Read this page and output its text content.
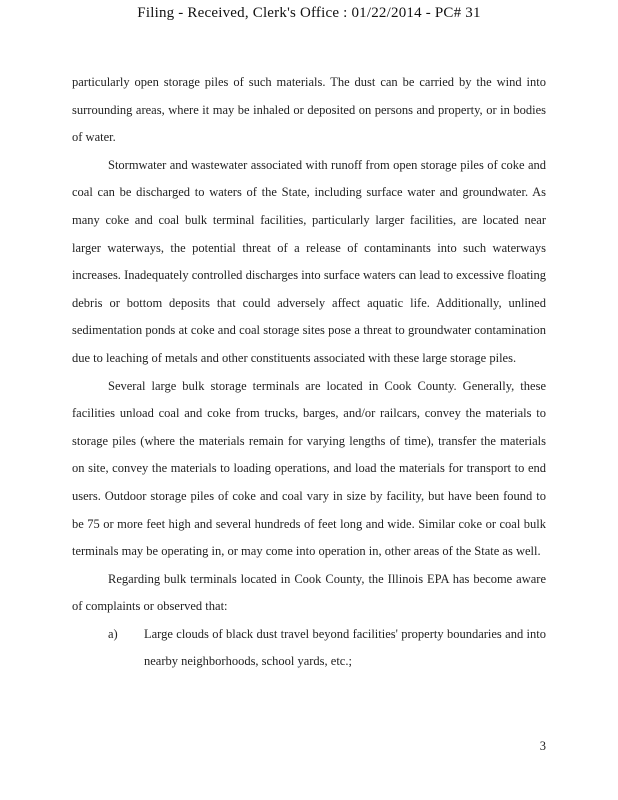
Filing - Received, Clerk's Office : 01/22/2014 - PC# 31

particularly open storage piles of such materials. The dust can be carried by the wind into surrounding areas, where it may be inhaled or deposited on persons and property, or in bodies of water.

Stormwater and wastewater associated with runoff from open storage piles of coke and coal can be discharged to waters of the State, including surface water and groundwater. As many coke and coal bulk terminal facilities, particularly larger facilities, are located near larger waterways, the potential threat of a release of contaminants into such waterways increases. Inadequately controlled discharges into surface waters can lead to excessive floating debris or bottom deposits that could adversely affect aquatic life. Additionally, unlined sedimentation ponds at coke and coal storage sites pose a threat to groundwater contamination due to leaching of metals and other constituents associated with these large storage piles.

Several large bulk storage terminals are located in Cook County. Generally, these facilities unload coal and coke from trucks, barges, and/or railcars, convey the materials to storage piles (where the materials remain for varying lengths of time), transfer the materials on site, convey the materials to loading operations, and load the materials for transport to end users. Outdoor storage piles of coke and coal vary in size by facility, but have been found to be 75 or more feet high and several hundreds of feet long and wide. Similar coke or coal bulk terminals may be operating in, or may come into operation in, other areas of the State as well.

Regarding bulk terminals located in Cook County, the Illinois EPA has become aware of complaints or observed that:

a) Large clouds of black dust travel beyond facilities' property boundaries and into nearby neighborhoods, school yards, etc.;
3
